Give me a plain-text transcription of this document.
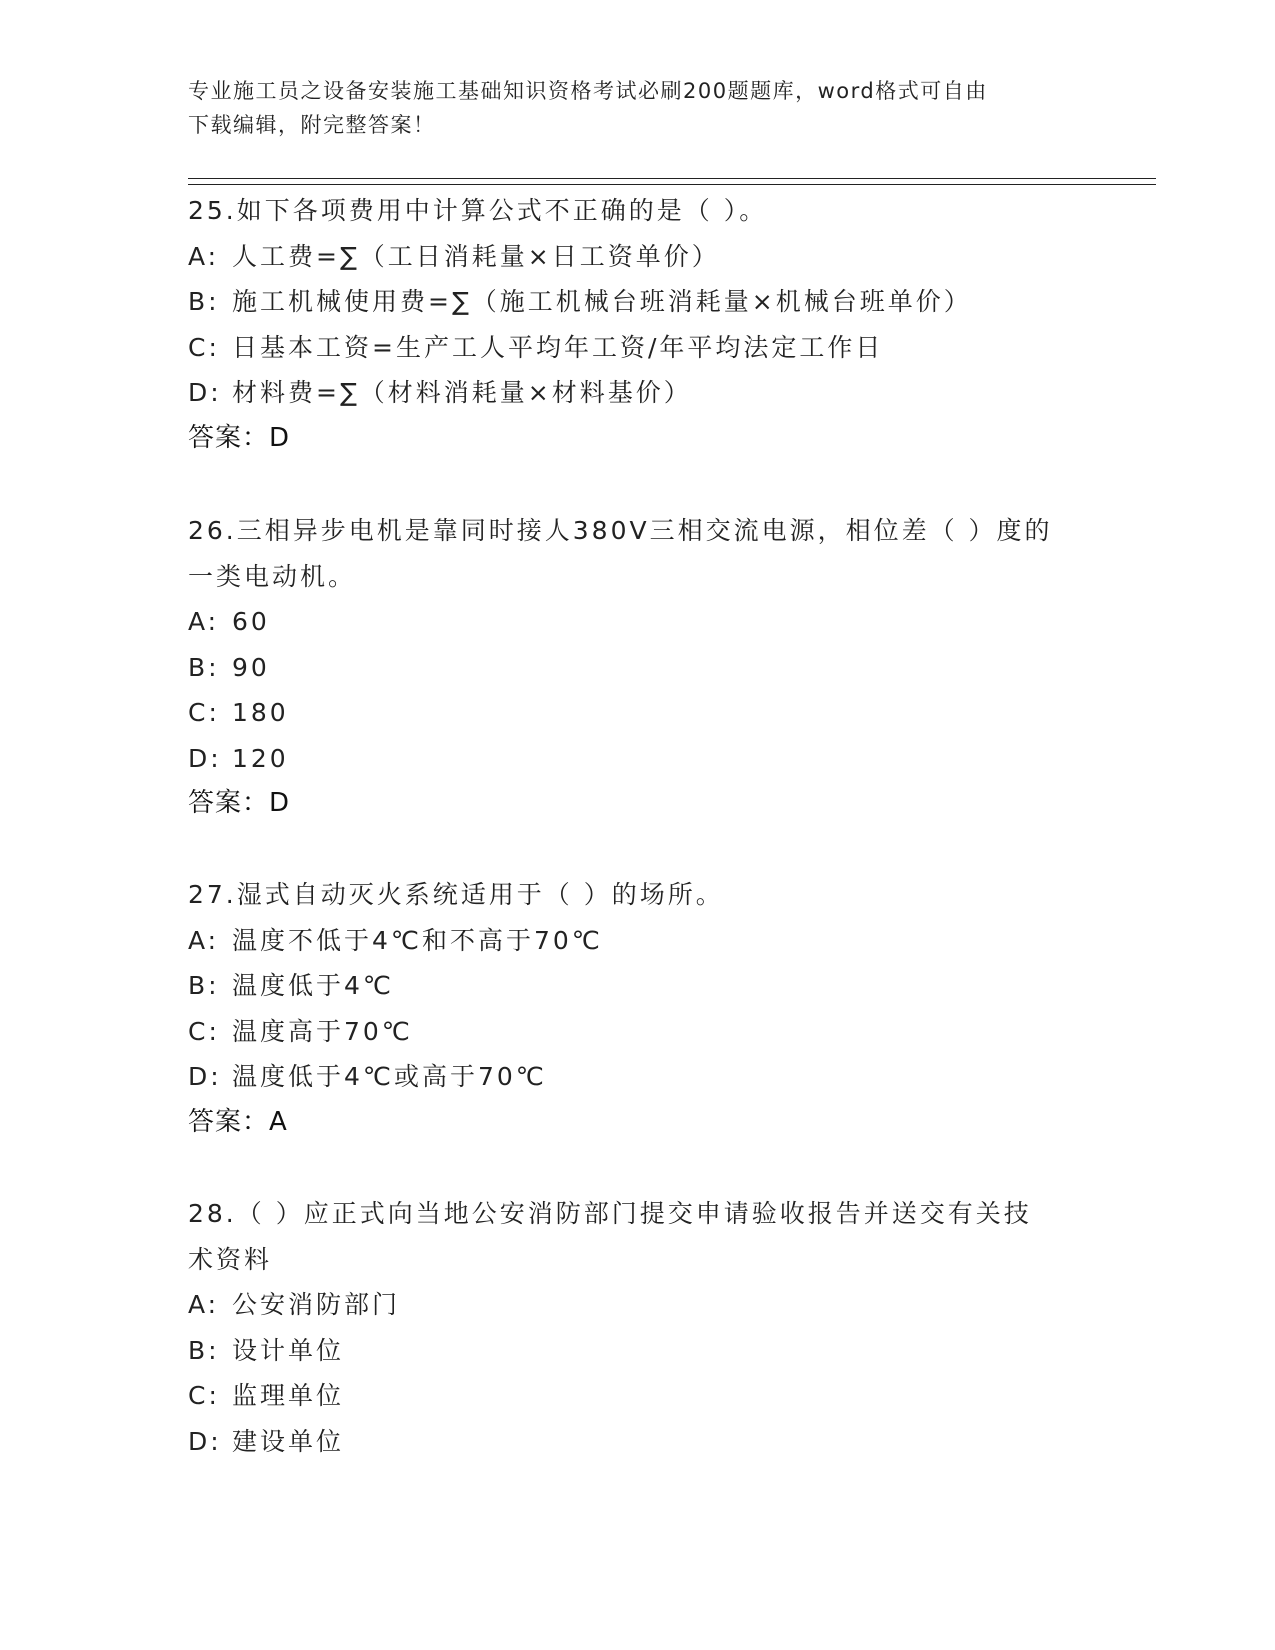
专业施工员之设备安装施工基础知识资格考试必刷200题题库，word格式可自由
下载编辑，附完整答案！
25.如下各项费用中计算公式不正确的是（ ）。
A: 人工费=∑（工日消耗量×日工资单价）
B: 施工机械使用费=∑（施工机械台班消耗量×机械台班单价）
C: 日基本工资=生产工人平均年工资/年平均法定工作日
D: 材料费=∑（材料消耗量×材料基价）
答案：D
26.三相异步电机是靠同时接人380V三相交流电源，相位差（ ）度的
一类电动机。
A: 60
B: 90
C: 180
D: 120
答案：D
27.湿式自动灭火系统适用于（ ）的场所。
A: 温度不低于4℃和不高于70℃
B: 温度低于4℃
C: 温度高于70℃
D: 温度低于4℃或高于70℃
答案：A
28.（ ）应正式向当地公安消防部门提交申请验收报告并送交有关技
术资料
A: 公安消防部门
B: 设计单位
C: 监理单位
D: 建设单位
